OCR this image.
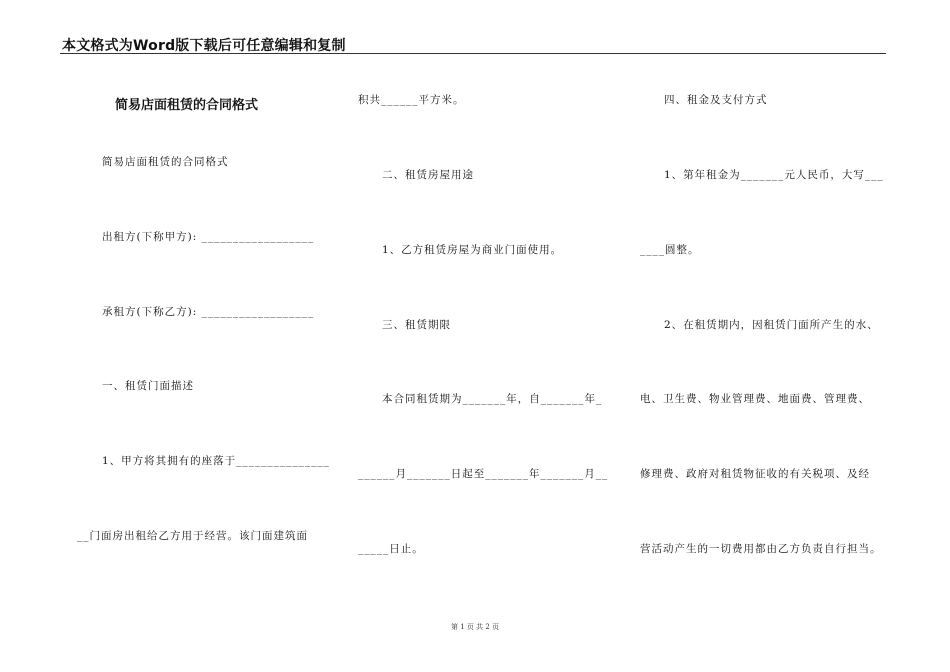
本文格式为Word版下载后可任意编辑和复制
简易店面租赁的合同格式
简易店面租赁的合同格式
出租方(下称甲方): __________________
承租方(下称乙方): __________________
一、租赁门面描述
1、甲方将其拥有的座落于_______________
__门面房出租给乙方用于经营。该门面建筑面
积共______平方米。
二、租赁房屋用途
1、乙方租赁房屋为商业门面使用。
三、租赁期限
本合同租赁期为_______年，自_______年_
______月_______日起至_______年_______月__
_____日止。
四、租金及支付方式
1、第年租金为_______元人民币，大写___
____圆整。
2、在租赁期内，因租赁门面所产生的水、
电、卫生费、物业管理费、地面费、管理费、
修理费、政府对租赁物征收的有关税项、及经
营活动产生的一切费用都由乙方负责自行担当。
第 1 页 共 2 页
